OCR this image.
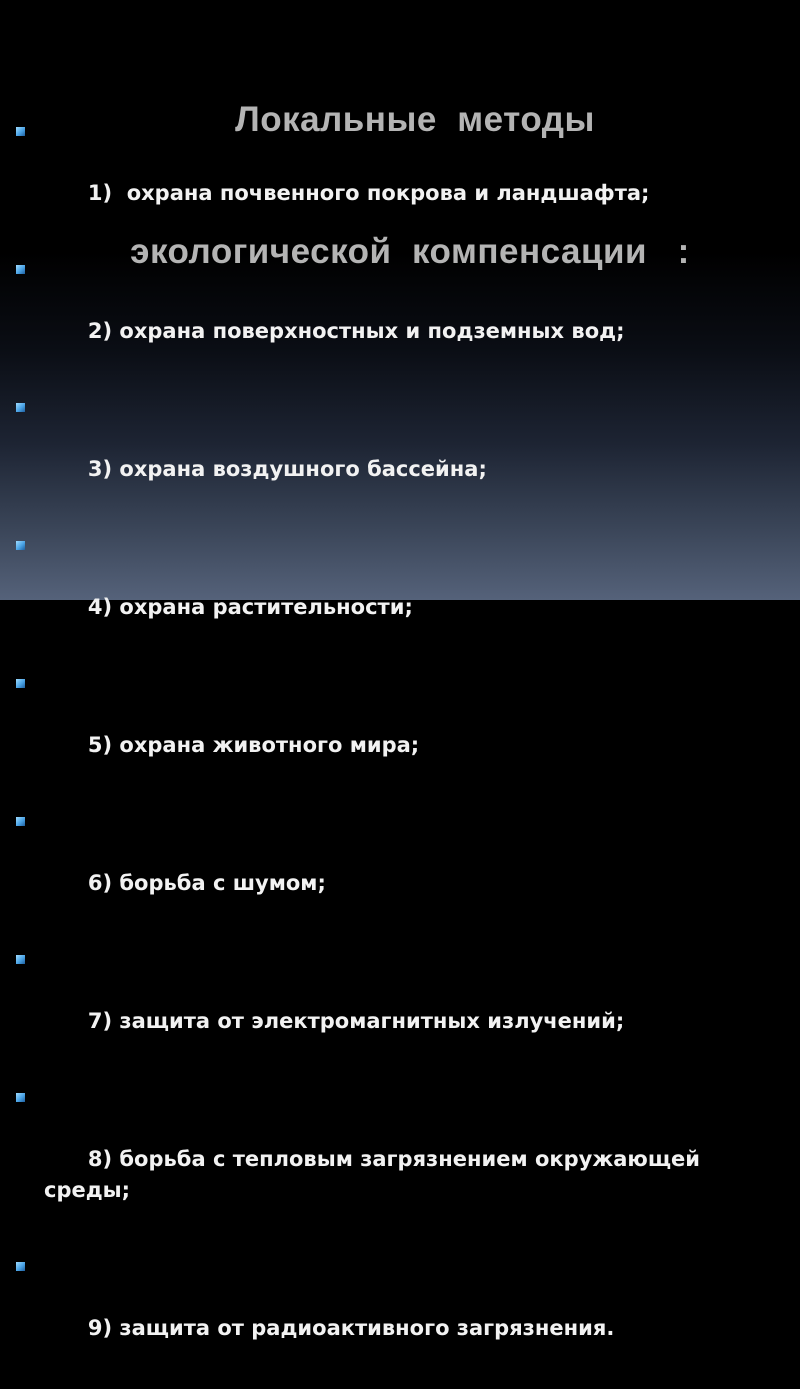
Локальные  методы

экологической  компенсации   :

1)  охрана почвенного покрова и ландшафта;

2) охрана поверхностных и подземных вод;

3) охрана воздушного бассейна;

4) охрана растительности;

5) охрана животного мира;

6) борьба с шумом;

7) защита от электромагнитных излучений;

8) борьба с тепловым загрязнением окружающей среды;

9) защита от радиоактивного загрязнения.
